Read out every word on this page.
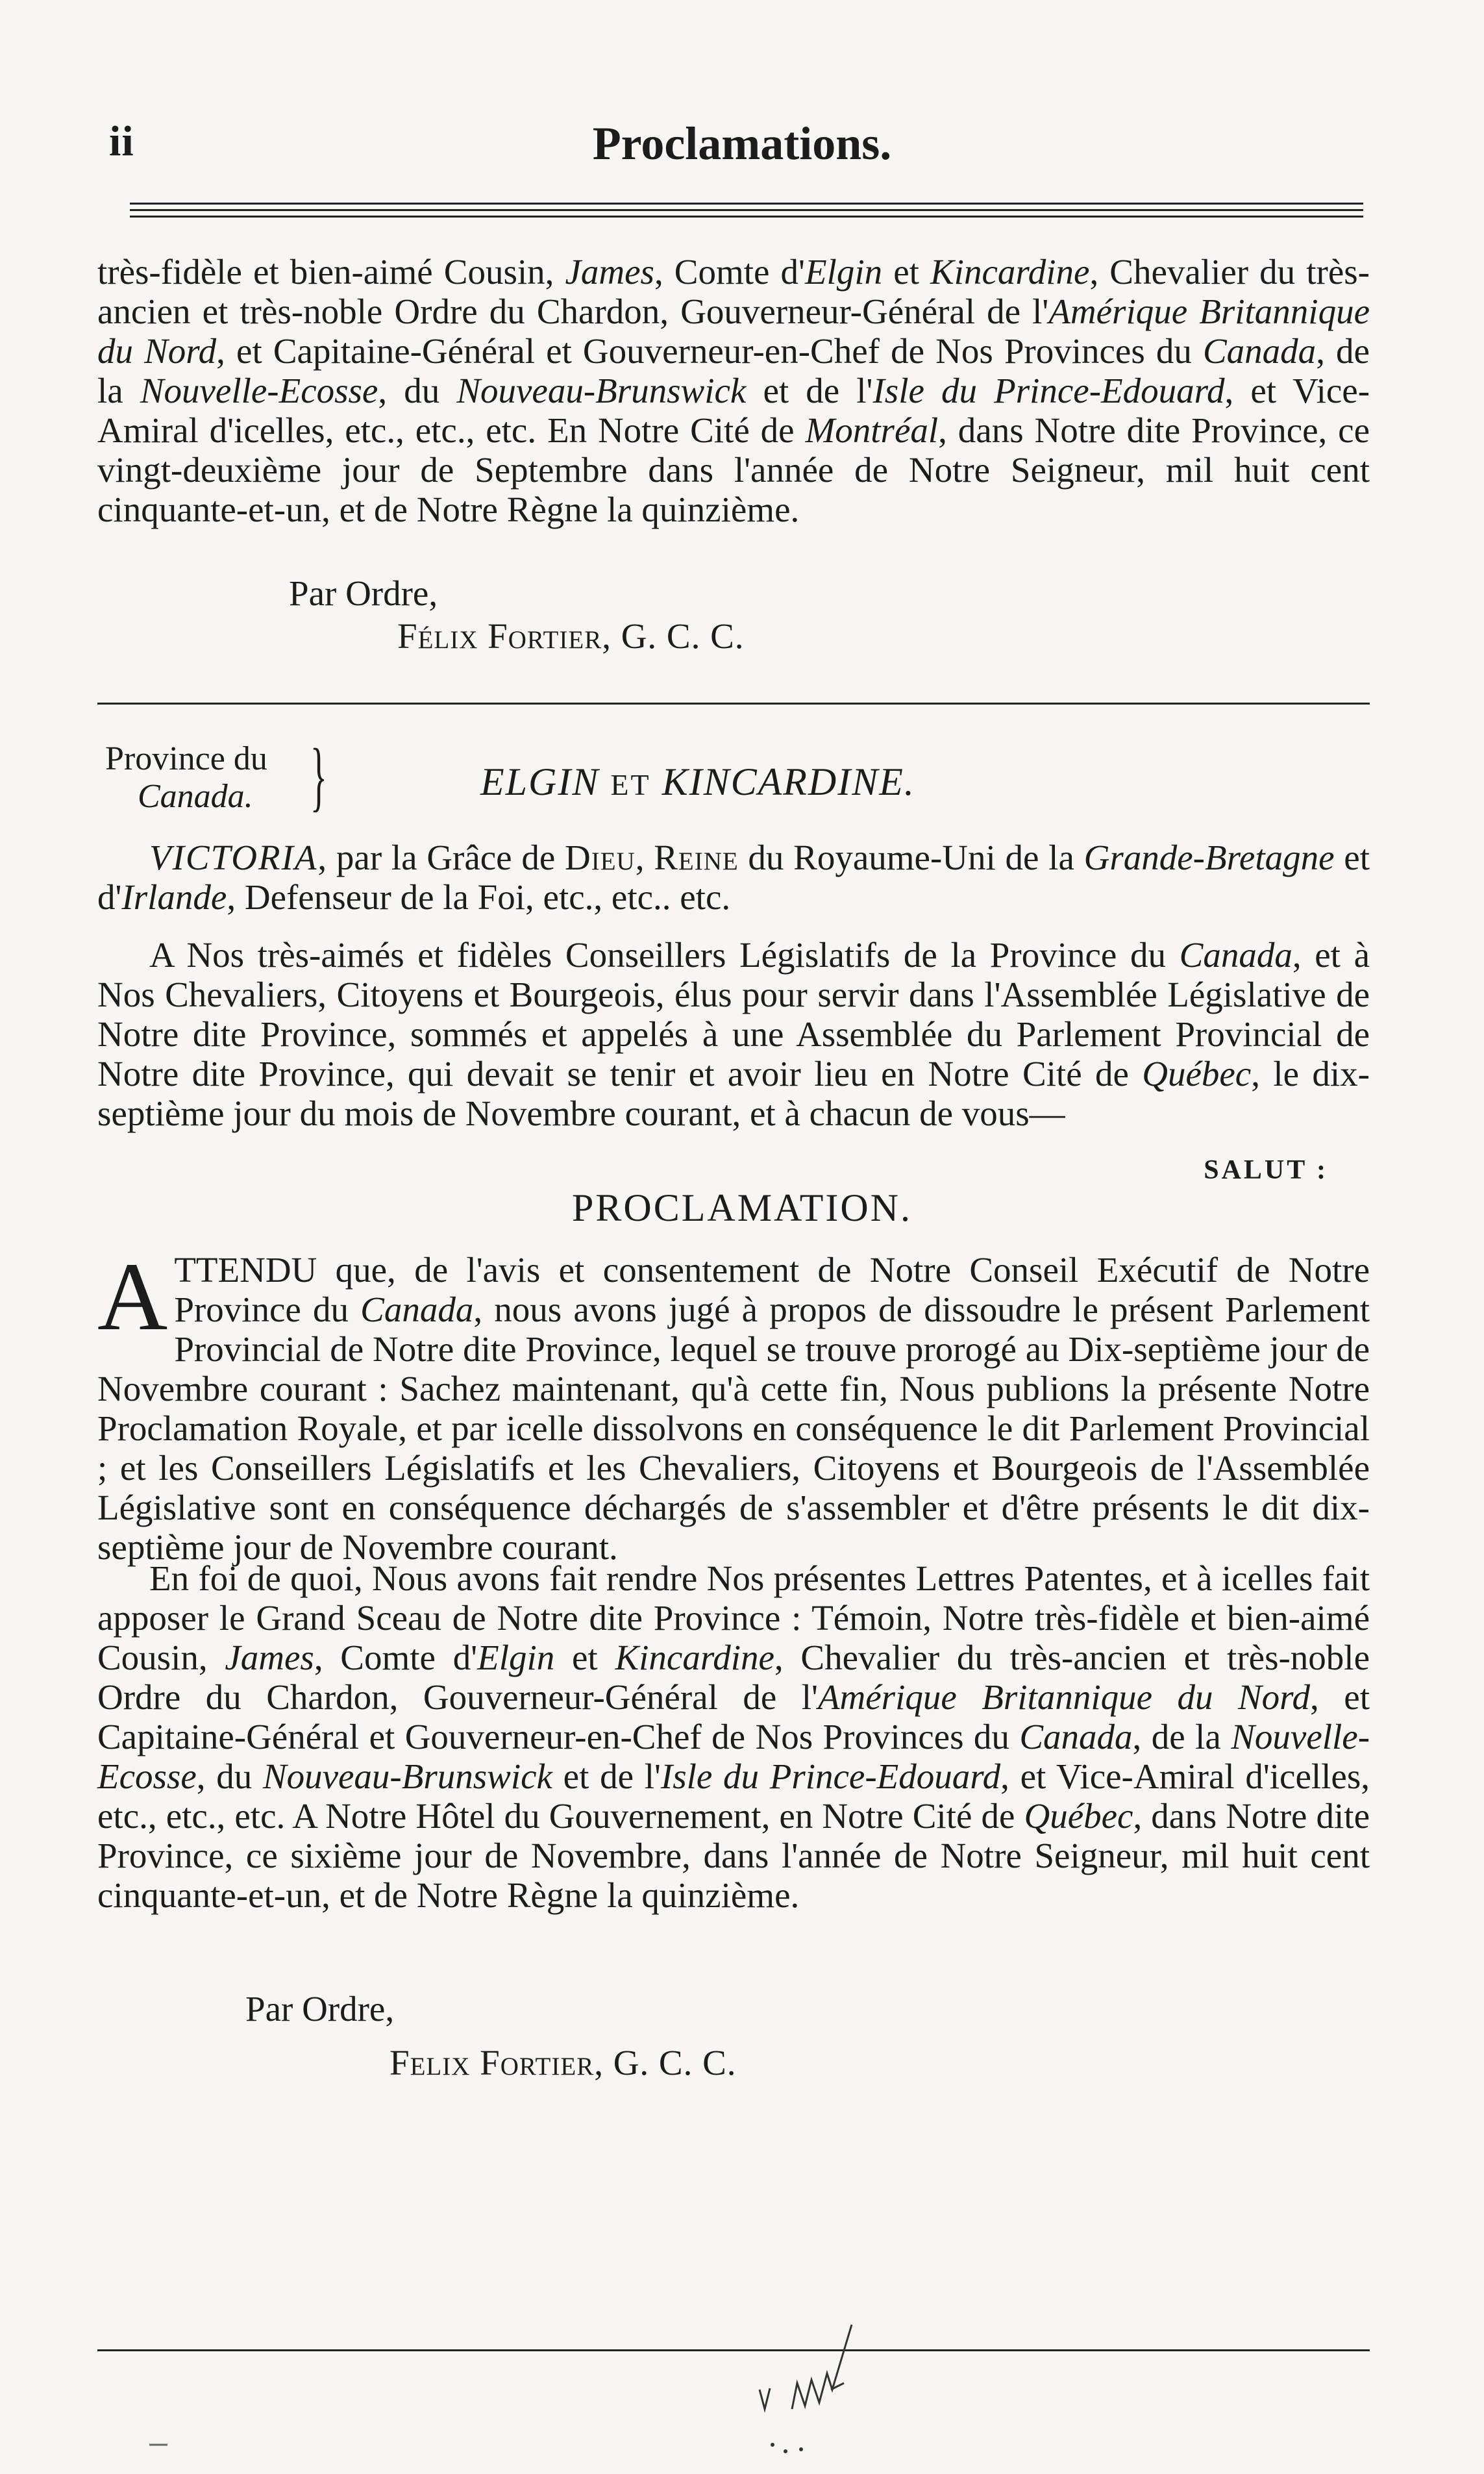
ii	Proclamations.

très-fidèle et bien-aimé Cousin, James, Comte d'Elgin et Kincardine, Chevalier du très-ancien et très-noble Ordre du Chardon, Gouverneur-Général de l'Amérique Britannique du Nord, et Capitaine-Général et Gouverneur-en-Chef de Nos Provinces du Canada, de la Nouvelle-Ecosse, du Nouveau-Brunswick et de l'Isle du Prince-Edouard, et Vice-Amiral d'icelles, etc., etc., etc. En Notre Cité de Montréal, dans Notre dite Province, ce vingt-deuxième jour de Septembre dans l'année de Notre Seigneur, mil huit cent cinquante-et-un, et de Notre Règne la quinzième.

Par Ordre,
Félix Fortier, G. C. C.
Province du
Canada. }	ELGIN ET KINCARDINE.

VICTORIA, par la Grâce de Dieu, Reine du Royaume-Uni de la Grande-Bretagne et d'Irlande, Defenseur de la Foi, etc., etc.. etc.

A Nos très-aimés et fidèles Conseillers Législatifs de la Province du Canada, et à Nos Chevaliers, Citoyens et Bourgeois, élus pour servir dans l'Assemblée Législative de Notre dite Province, sommés et appelés à une Assemblée du Parlement Provincial de Notre dite Province, qui devait se tenir et avoir lieu en Notre Cité de Québec, le dix-septième jour du mois de Novembre courant, et à chacun de vous—

SALUT :
PROCLAMATION.

ATTENDU que, de l'avis et consentement de Notre Conseil Exécutif de Notre Province du Canada, nous avons jugé à propos de dissoudre le présent Parlement Provincial de Notre dite Province, lequel se trouve prorogé au Dix-septième jour de Novembre courant : Sachez maintenant, qu'à cette fin, Nous publions la présente Notre Proclamation Royale, et par icelle dissolvons en conséquence le dit Parlement Provincial ; et les Conseillers Législatifs et les Chevaliers, Citoyens et Bourgeois de l'Assemblée Législative sont en conséquence déchargés de s'assembler et d'être présents le dit dix-septième jour de Novembre courant.

En foi de quoi, Nous avons fait rendre Nos présentes Lettres Patentes, et à icelles fait apposer le Grand Sceau de Notre dite Province : Témoin, Notre très-fidèle et bien-aimé Cousin, James, Comte d'Elgin et Kincardine, Chevalier du très-ancien et très-noble Ordre du Chardon, Gouverneur-Général de l'Amérique Britannique du Nord, et Capitaine-Général et Gouverneur-en-Chef de Nos Provinces du Canada, de la Nouvelle-Ecosse, du Nouveau-Brunswick et de l'Isle du Prince-Edouard, et Vice-Amiral d'icelles, etc., etc., etc. A Notre Hôtel du Gouvernement, en Notre Cité de Québec, dans Notre dite Province, ce sixième jour de Novembre, dans l'année de Notre Seigneur, mil huit cent cinquante-et-un, et de Notre Règne la quinzième.

Par Ordre,
Felix Fortier, G. C. C.
